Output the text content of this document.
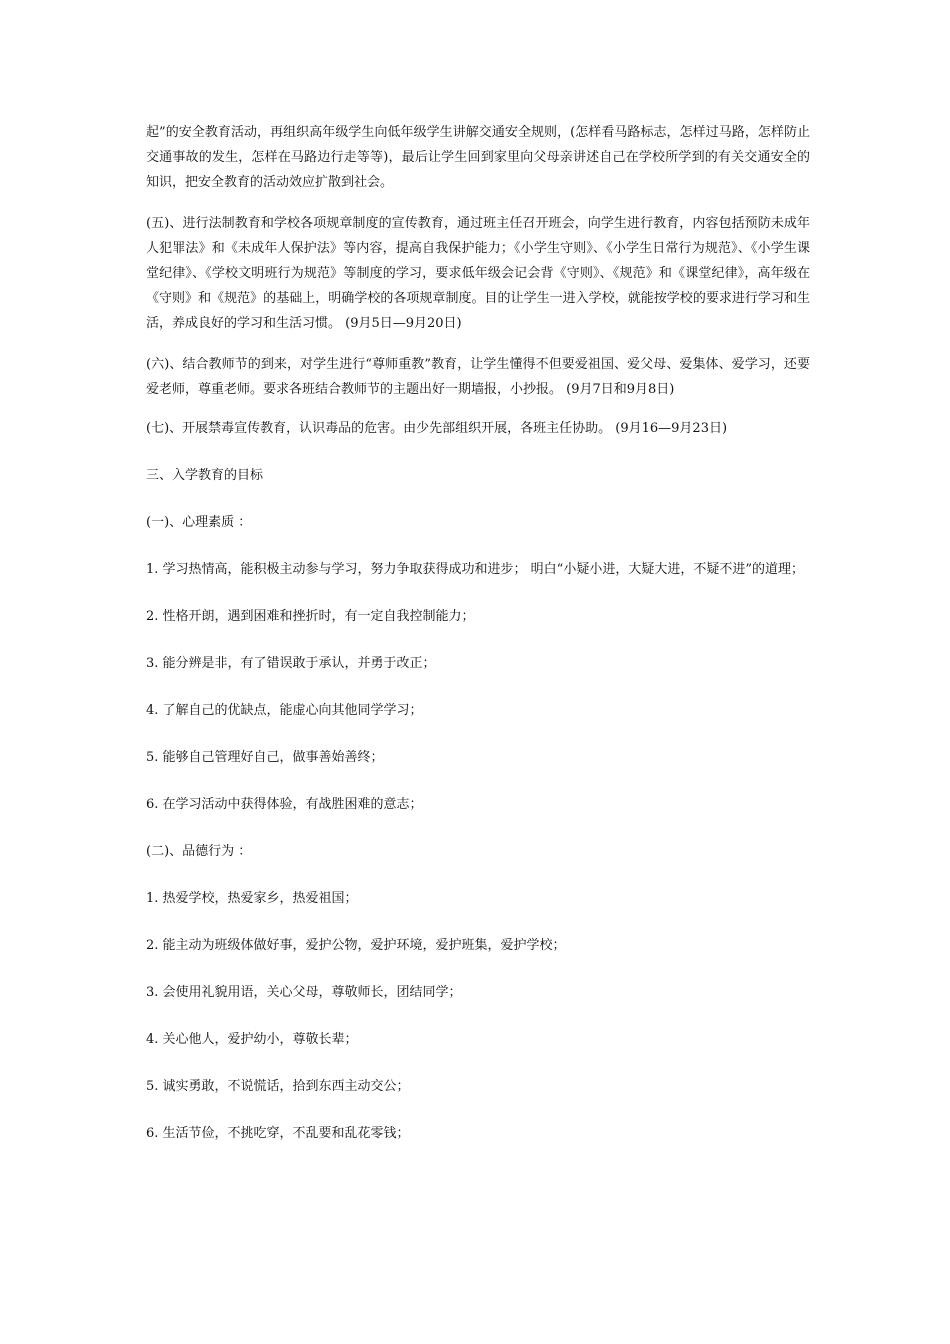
起”的安全教育活动，再组织高年级学生向低年级学生讲解交通安全规则，(怎样看马路标志，怎样过马路，怎样防止交通事故的发生，怎样在马路边行走等等)，最后让学生回到家里向父母亲讲述自己在学校所学到的有关交通安全的知识，把安全教育的活动效应扩散到社会。

(五)、进行法制教育和学校各项规章制度的宣传教育，通过班主任召开班会，向学生进行教育，内容包括预防未成年人犯罪法》和《未成年人保护法》等内容，提高自我保护能力；《小学生守则》、《小学生日常行为规范》、《小学生课堂纪律》、《学校文明班行为规范》等制度的学习，要求低年级会记会背《守则》、《规范》和《课堂纪律》，高年级在《守则》和《规范》的基础上，明确学校的各项规章制度。目的让学生一进入学校，就能按学校的要求进行学习和生活，养成良好的学习和生活习惯。 (9月5日—9月20日)

(六)、结合教师节的到来，对学生进行“尊师重教”教育，让学生懂得不但要爱祖国、爱父母、爱集体、爱学习，还要爱老师，尊重老师。要求各班结合教师节的主题出好一期墙报，小抄报。 (9月7日和9月8日)

(七)、开展禁毒宣传教育，认识毒品的危害。由少先部组织开展，各班主任协助。 (9月16—9月23日)

三、入学教育的目标

(一)、心理素质 ：

1. 学习热情高，能积极主动参与学习，努力争取获得成功和进步； 明白“小疑小进，大疑大进，不疑不进”的道理；

2. 性格开朗，遇到困难和挫折时，有一定自我控制能力；

3. 能分辨是非，有了错误敢于承认，并勇于改正；

4. 了解自己的优缺点，能虚心向其他同学学习；

5. 能够自己管理好自己，做事善始善终；

6. 在学习活动中获得体验，有战胜困难的意志；

(二)、品德行为 ：

1. 热爱学校，热爱家乡，热爱祖国；

2. 能主动为班级体做好事，爱护公物，爱护环境，爱护班集，爱护学校；

3. 会使用礼貌用语，关心父母，尊敬师长，团结同学；

4. 关心他人，爱护幼小，尊敬长辈；

5. 诚实勇敢，不说慌话，拾到东西主动交公；

6. 生活节俭，不挑吃穿，不乱要和乱花零钱；
